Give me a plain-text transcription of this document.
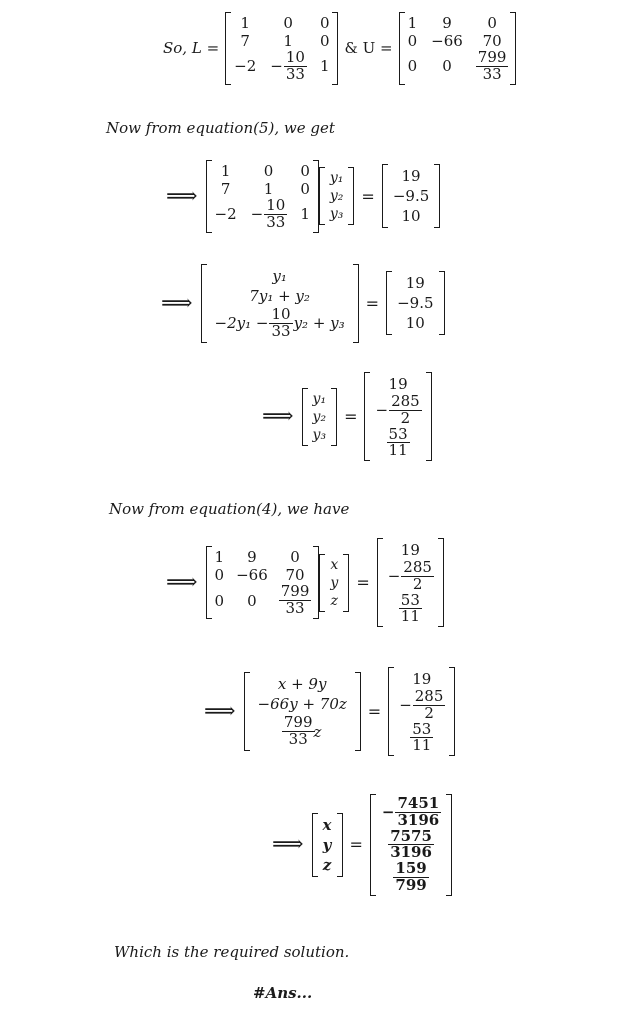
So, L =
1 0 0
7 1 0
$-2 - \frac{10}{33} 1$
& U =
1 9 0
0 −66 70
0 $0 \frac{799}{33}$
Now from equation(5), we get
⟹
1 0 0
7 1 0
$-2 - \frac{10}{33} 1$
y₁
y₂
y₃
=
19
−9.5
10
⟹
y₁
7y₁ + y₂
$-2y_1 - \frac{10}{33} y_2 + y_3$
=
19
−9.5
10
⟹
y₁
y₂
y₃
=
19
− $\frac{285}{2}$
$\frac{53}{11}$
Now from equation(4), we have
⟹
1 9 0
0 −66 70
0 $0 \frac{799}{33}$
x
y
z
=
19
− $\frac{285}{2}$
$\frac{53}{11}$
⟹
x + 9y
−66y + 70z
$\frac{799}{33}$ z
=
19
− $\frac{285}{2}$
$\frac{53}{11}$
⟹
x
y
z
=
− $\frac{7451}{3196}$
$\frac{7575}{3196}$
$\frac{159}{799}$
Which is the required solution.
#Ans...
